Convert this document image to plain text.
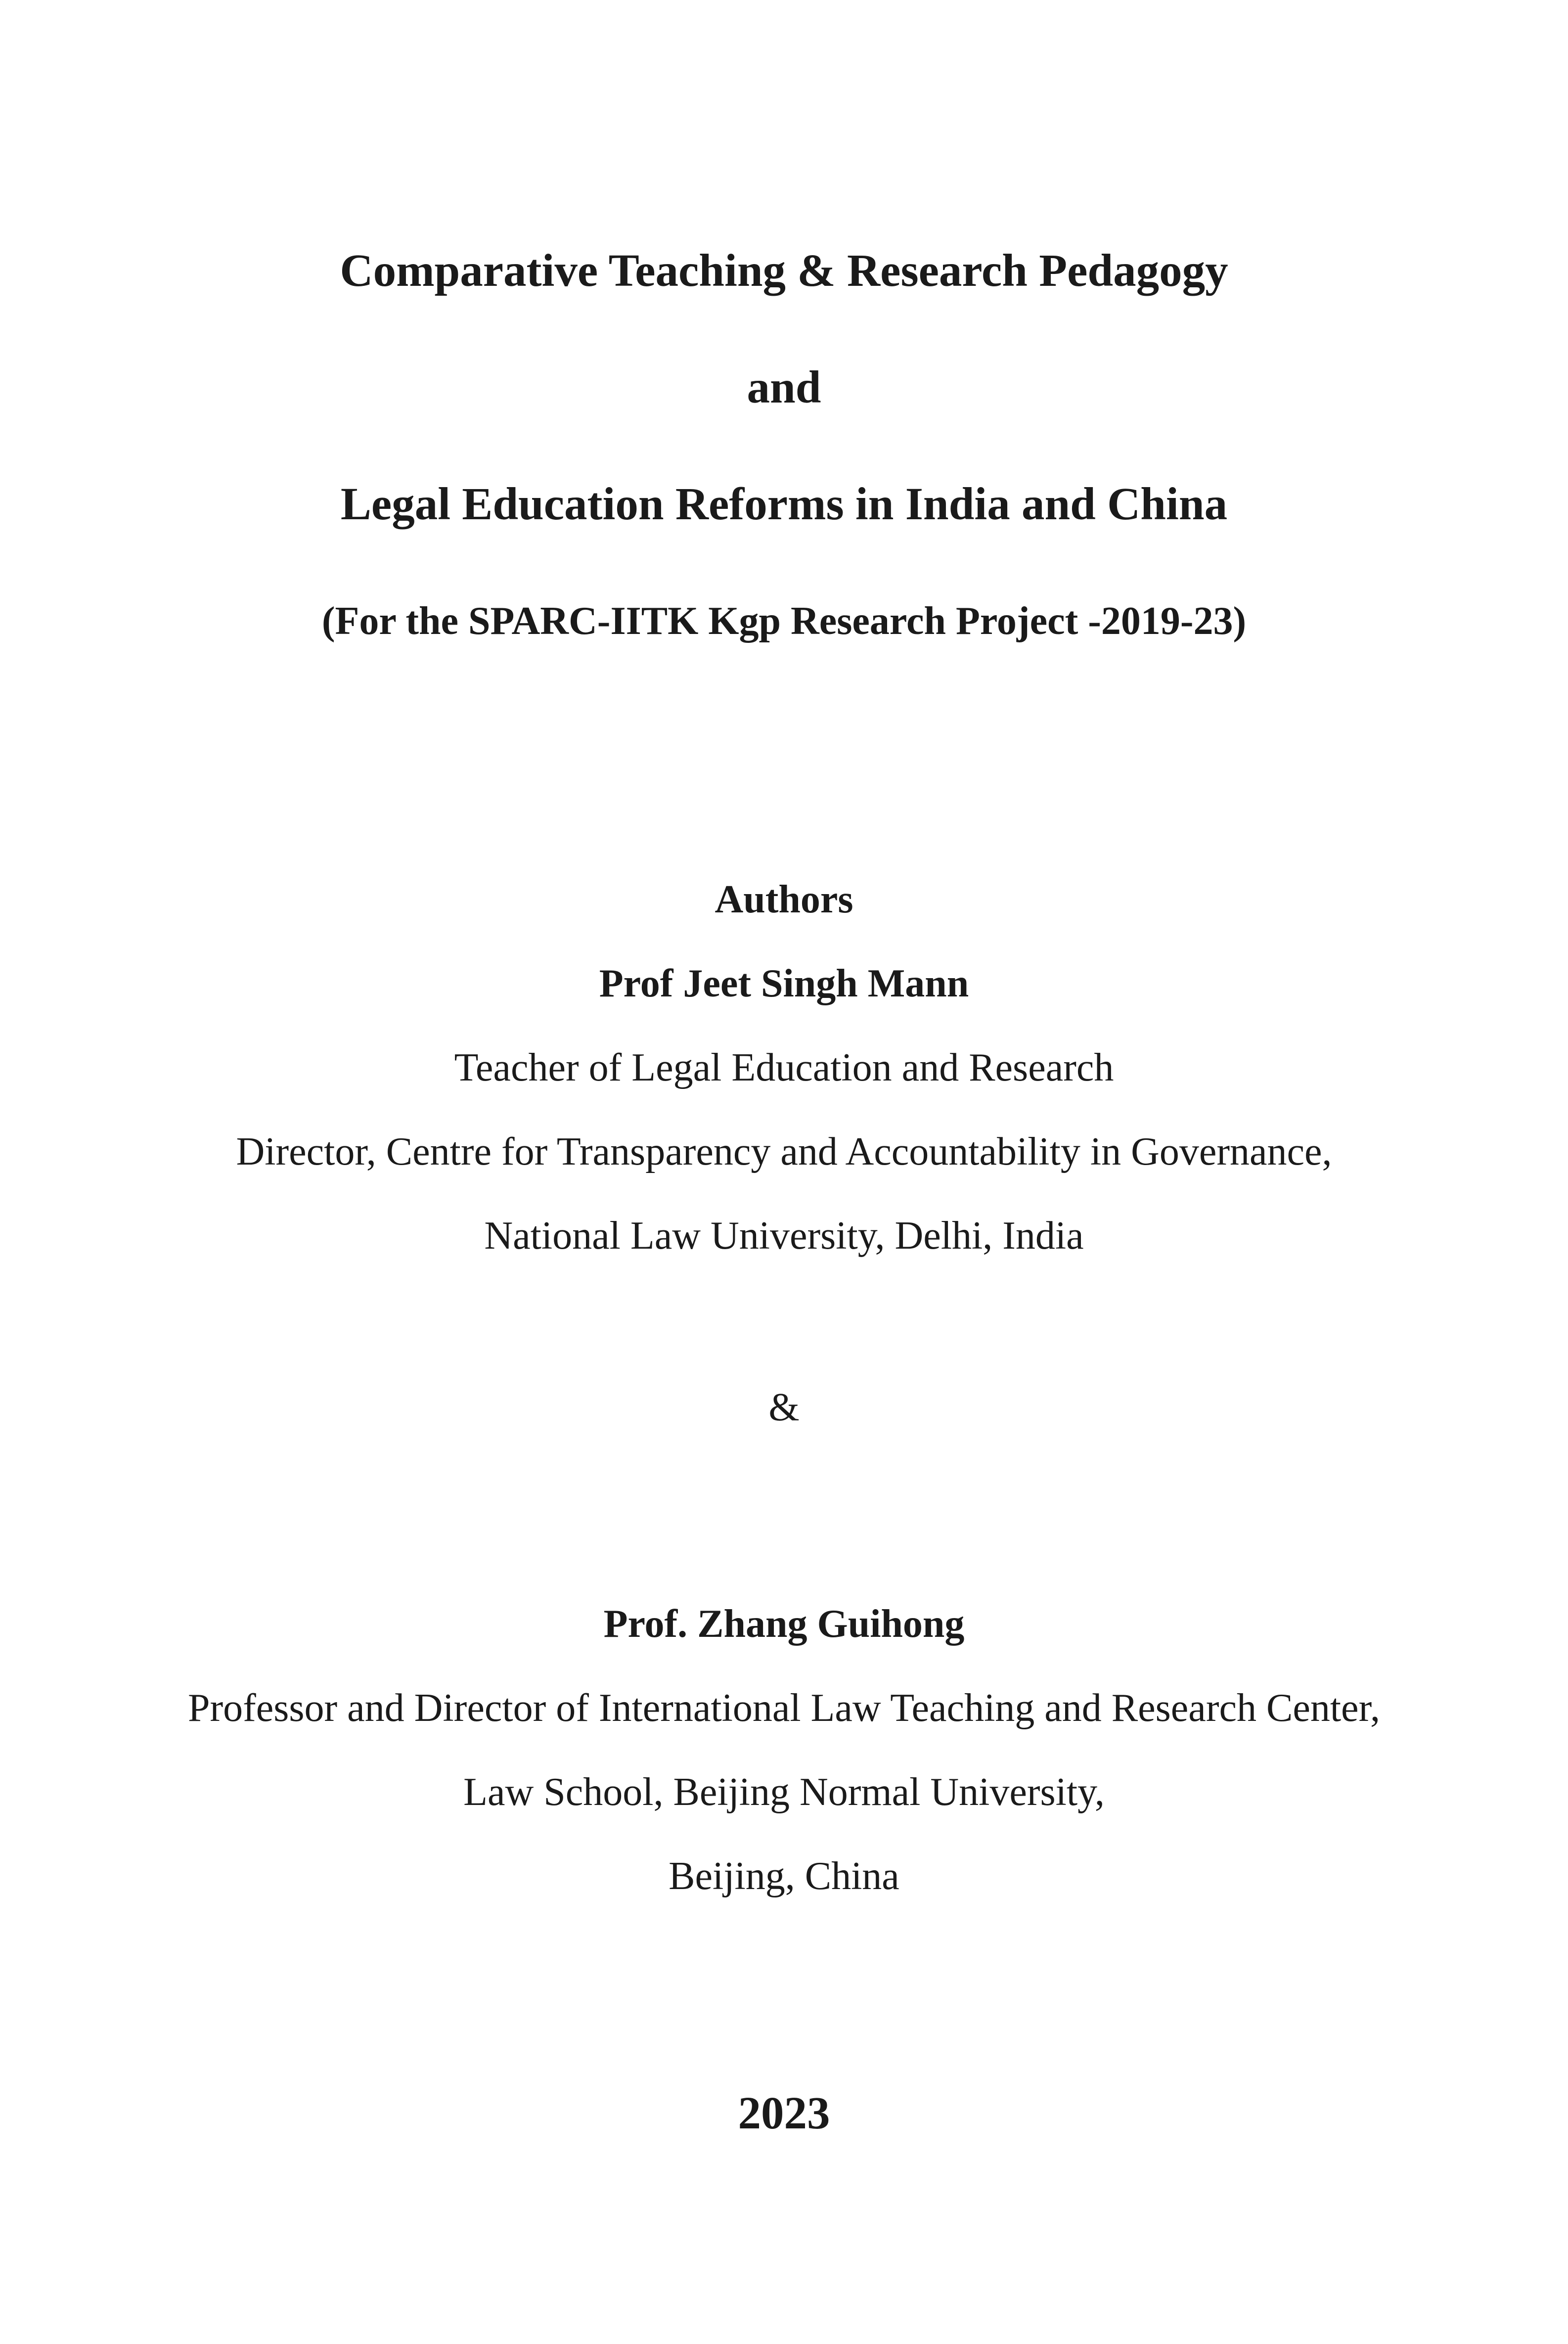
Comparative Teaching & Research Pedagogy

and

Legal Education Reforms in India and China

(For the SPARC-IITK Kgp Research Project -2019-23)

Authors

Prof Jeet Singh Mann

Teacher of Legal Education and Research

Director, Centre for Transparency and Accountability in Governance,

National Law University, Delhi, India

&

Prof. Zhang Guihong

Professor and Director of International Law Teaching and Research Center,

Law School, Beijing Normal University,

Beijing, China

2023
